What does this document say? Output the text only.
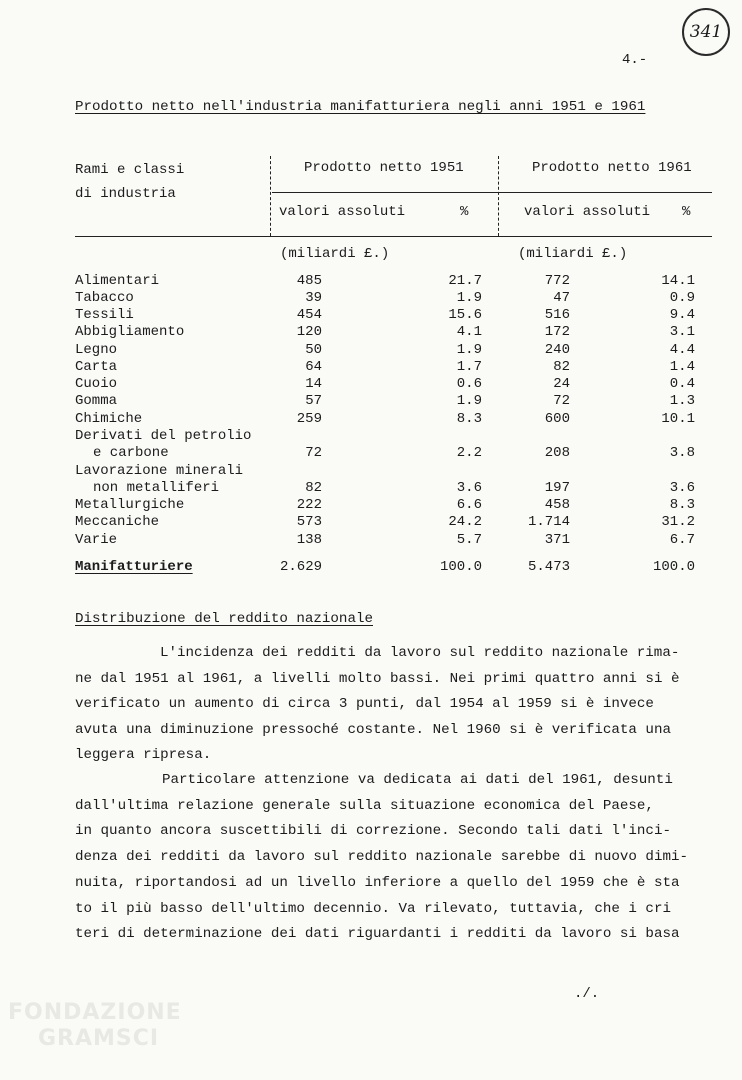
341
4.-
Prodotto netto nell'industria manifatturiera negli anni 1951 e 1961
Rami e classi
di industria
Prodotto netto 1951	Prodotto netto 1961
valori assoluti	%	valori assoluti %
(miliardi £.)	(miliardi £.)
Alimentari	485	21.7	772	14.1
Tabacco	39	1.9	47	0.9
Tessili	454	15.6	516	9.4
Abbigliamento	120	4.1	172	3.1
Legno	50	1.9	240	4.4
Carta	64	1.7	82	1.4
Cuoio	14	0.6	24	0.4
Gomma	57	1.9	72	1.3
Chimiche	259	8.3	600	10.1
Derivati del petrolio
e carbone	72	2.2	208	3.8
Lavorazione minerali
non metalliferi	82	3.6	197	3.6
Metallurgiche	222	6.6	458	8.3
Meccaniche	573	24.2	1.714	31.2
Varie	138	5.7	371	6.7
Manifatturiere	2.629	100.0	5.473	100.0
Distribuzione del reddito nazionale
L'incidenza dei redditi da lavoro sul reddito nazionale rima-
ne dal 1951 al 1961, a livelli molto bassi. Nei primi quattro anni si è
verificato un aumento di circa 3 punti, dal 1954 al 1959 si è invece
avuta una diminuzione pressoché costante. Nel 1960 si è verificata una
leggera ripresa.
Particolare attenzione va dedicata ai dati del 1961, desunti
dall'ultima relazione generale sulla situazione economica del Paese,
in quanto ancora suscettibili di correzione. Secondo tali dati l'inci-
denza dei redditi da lavoro sul reddito nazionale sarebbe di nuovo dimi-
nuita, riportandosi ad un livello inferiore a quello del 1959 che è sta
to il più basso dell'ultimo decennio. Va rilevato, tuttavia, che i cri
teri di determinazione dei dati riguardanti i redditi da lavoro si basa
./.
FONDAZIONE
GRAMSCI
